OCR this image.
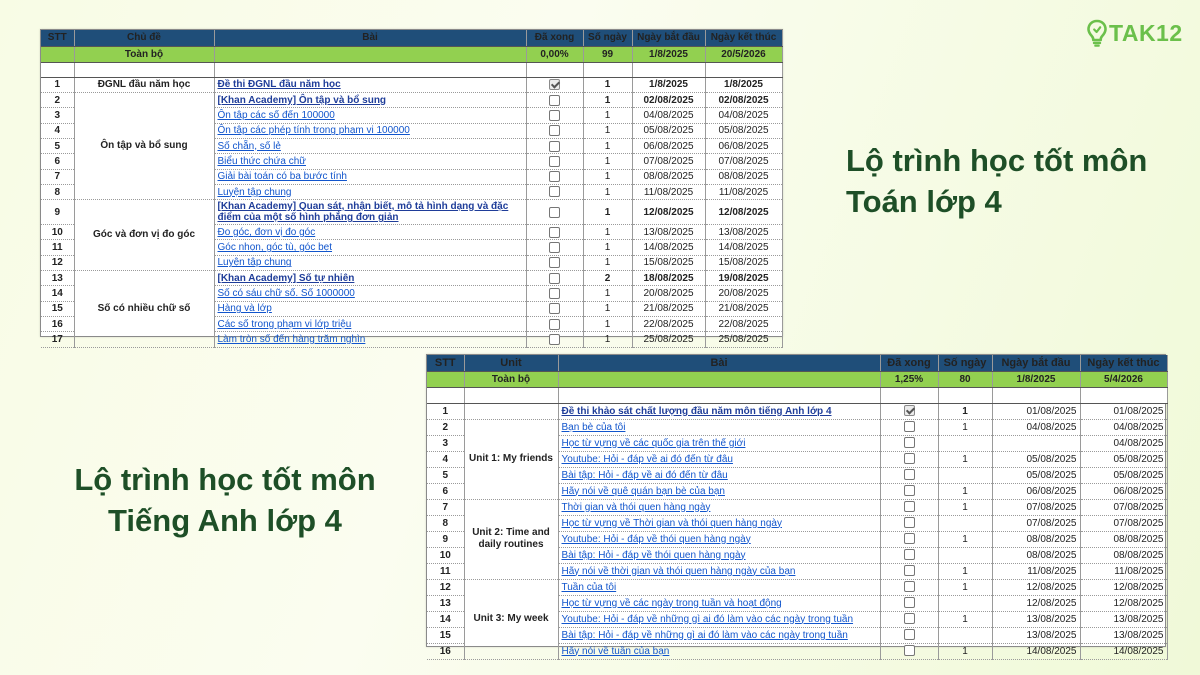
TAK12
STT	Chủ đề	Bài	Đã xong	Số ngày	Ngày bắt đầu	Ngày kết thúc
	Toàn bộ		0,00%	99	1/8/2025	20/5/2026

1	ĐGNL đầu năm học	Đề thi ĐGNL đầu năm học		1	1/8/2025	1/8/2025
2	Ôn tập và bổ sung	[Khan Academy] Ôn tập và bổ sung		1	02/08/2025	02/08/2025
3		Ôn tập các số đến 100000		1	04/08/2025	04/08/2025
4		Ôn tập các phép tính trong phạm vi 100000		1	05/08/2025	05/08/2025
5		Số chẵn, số lẻ		1	06/08/2025	06/08/2025
6		Biểu thức chứa chữ		1	07/08/2025	07/08/2025
7		Giải bài toán có ba bước tính		1	08/08/2025	08/08/2025
8		Luyện tập chung		1	11/08/2025	11/08/2025
9	Góc và đơn vị đo góc	[Khan Academy] Quan sát, nhận biết, mô tả hình dạng và đặc điểm của một số hình phẳng đơn giản		1	12/08/2025	12/08/2025
10		Đo góc, đơn vị đo góc		1	13/08/2025	13/08/2025
11		Góc nhọn, góc tù, góc bẹt		1	14/08/2025	14/08/2025
12		Luyện tập chung		1	15/08/2025	15/08/2025
13	Số có nhiều chữ số	[Khan Academy] Số tự nhiên		2	18/08/2025	19/08/2025
14		Số có sáu chữ số. Số 1000000		1	20/08/2025	20/08/2025
15		Hàng và lớp		1	21/08/2025	21/08/2025
16		Các số trong phạm vi lớp triệu		1	22/08/2025	22/08/2025
17		Làm tròn số đến hàng trăm nghìn		1	25/08/2025	25/08/2025
STT	Unit	Bài	Đã xong	Số ngày	Ngày bắt đầu	Ngày kết thúc
	Toàn bộ		1,25%	80	1/8/2025	5/4/2026

1		Đề thi khảo sát chất lượng đầu năm môn tiếng Anh lớp 4		1	01/08/2025	01/08/2025
2	Unit 1: My friends	Bạn bè của tôi		1	04/08/2025	04/08/2025
3		Học từ vựng về các quốc gia trên thế giới				04/08/2025
4		Youtube: Hỏi - đáp về ai đó đến từ đâu		1	05/08/2025	05/08/2025
5		Bài tập: Hỏi - đáp về ai đó đến từ đâu			05/08/2025	05/08/2025
6		Hãy nói về quê quán bạn bè của bạn		1	06/08/2025	06/08/2025
7	Unit 2: Time and daily routines	Thời gian và thói quen hàng ngày		1	07/08/2025	07/08/2025
8		Học từ vựng về Thời gian và thói quen hàng ngày			07/08/2025	07/08/2025
9		Youtube: Hỏi - đáp về thói quen hàng ngày		1	08/08/2025	08/08/2025
10		Bài tập: Hỏi - đáp về thói quen hàng ngày			08/08/2025	08/08/2025
11		Hãy nói về thời gian và thói quen hàng ngày của bạn		1	11/08/2025	11/08/2025
12	Unit 3: My week	Tuần của tôi		1	12/08/2025	12/08/2025
13		Học từ vựng về các ngày trong tuần và hoạt động			12/08/2025	12/08/2025
14		Youtube: Hỏi - đáp về những gì ai đó làm vào các ngày trong tuần		1	13/08/2025	13/08/2025
15		Bài tập: Hỏi - đáp về những gì ai đó làm vào các ngày trong tuần			13/08/2025	13/08/2025
16		Hãy nói về tuần của bạn		1	14/08/2025	14/08/2025
Lộ trình học tốt môn Toán lớp 4
Lộ trình học tốt môn Tiếng Anh lớp 4
